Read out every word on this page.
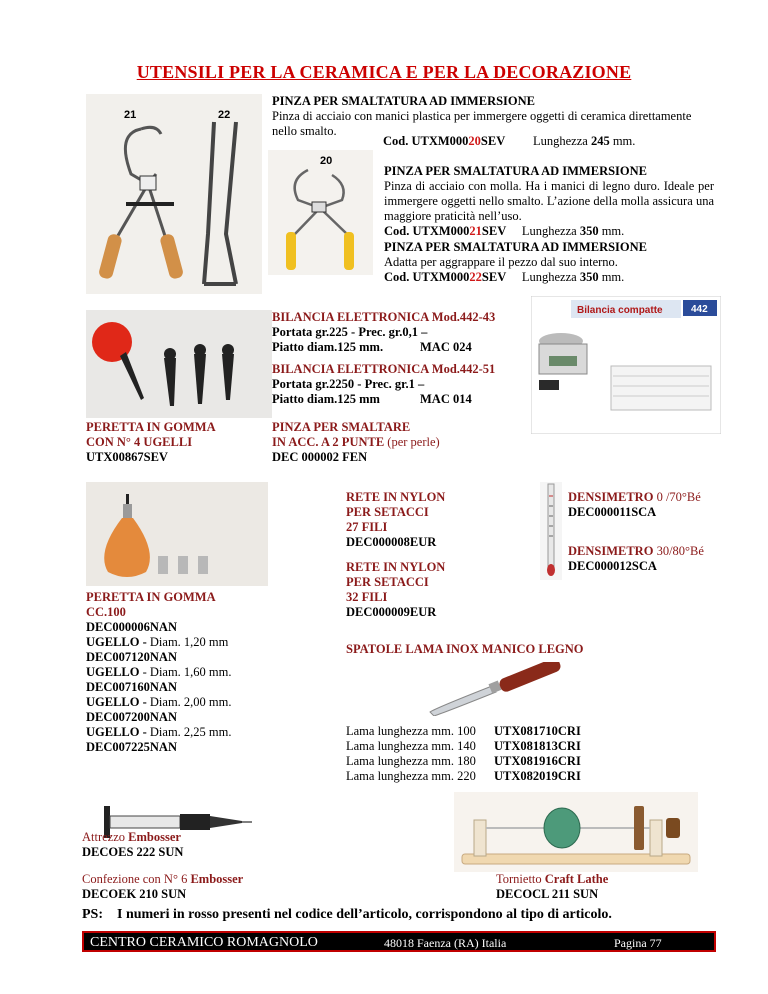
UTENSILI PER LA CERAMICA E PER LA DECORAZIONE
21	22
20
PINZA PER SMALTATURA AD IMMERSIONE
Pinza di acciaio con manici plastica per immergere oggetti di ceramica direttamente nello smalto.
Cod. UTXM00020SEV Lunghezza 245 mm.
PINZA PER SMALTATURA AD IMMERSIONE
Pinza di acciaio con molla. Ha i manici di legno duro. Ideale per immergere oggetti nello smalto. L’azione della molla assicura una maggiore praticità nell’uso.
Cod. UTXM00021SEV Lunghezza 350 mm.
PINZA PER SMALTATURA AD IMMERSIONE
Adatta per aggrappare il pezzo dal suo interno.
Cod. UTXM00022SEV Lunghezza 350 mm.
BILANCIA ELETTRONICA Mod.442-43
Portata gr.225 - Prec. gr.0,1 –
Piatto diam.125 mm.	MAC 024
BILANCIA ELETTRONICA Mod.442-51
Portata gr.2250 - Prec. gr.1 –
Piatto diam.125 mm	MAC 014
Bilancia compatte	442
PERETTA IN GOMMA
CON N° 4 UGELLI
UTX00867SEV
PINZA PER SMALTARE
IN ACC. A 2 PUNTE (per perle)
DEC 000002 FEN
RETE IN NYLON
PER SETACCI
27 FILI
DEC000008EUR
RETE IN NYLON
PER SETACCI
32 FILI
DEC000009EUR
DENSIMETRO 0 /70°Bé
DEC000011SCA
DENSIMETRO 30/80°Bé
DEC000012SCA
PERETTA IN GOMMA
CC.100
DEC000006NAN
UGELLO - Diam. 1,20 mm
DEC007120NAN
UGELLO - Diam. 1,60 mm.
DEC007160NAN
UGELLO - Diam. 2,00 mm.
DEC007200NAN
UGELLO - Diam. 2,25 mm.
DEC007225NAN
SPATOLE LAMA INOX MANICO LEGNO
Lama lunghezza mm. 100 UTX081710CRI
Lama lunghezza mm. 140 UTX081813CRI
Lama lunghezza mm. 180 UTX081916CRI
Lama lunghezza mm. 220 UTX082019CRI
Attrezzo Embosser
DECOES 222 SUN
Confezione con N° 6 Embosser
DECOEK 210 SUN
Tornietto Craft Lathe
DECOCL 211 SUN
PS: I numeri in rosso presenti nel codice dell’articolo, corrispondono al tipo di articolo.
CENTRO CERAMICO ROMAGNOLO	48018 Faenza (RA) Italia	Pagina 77
